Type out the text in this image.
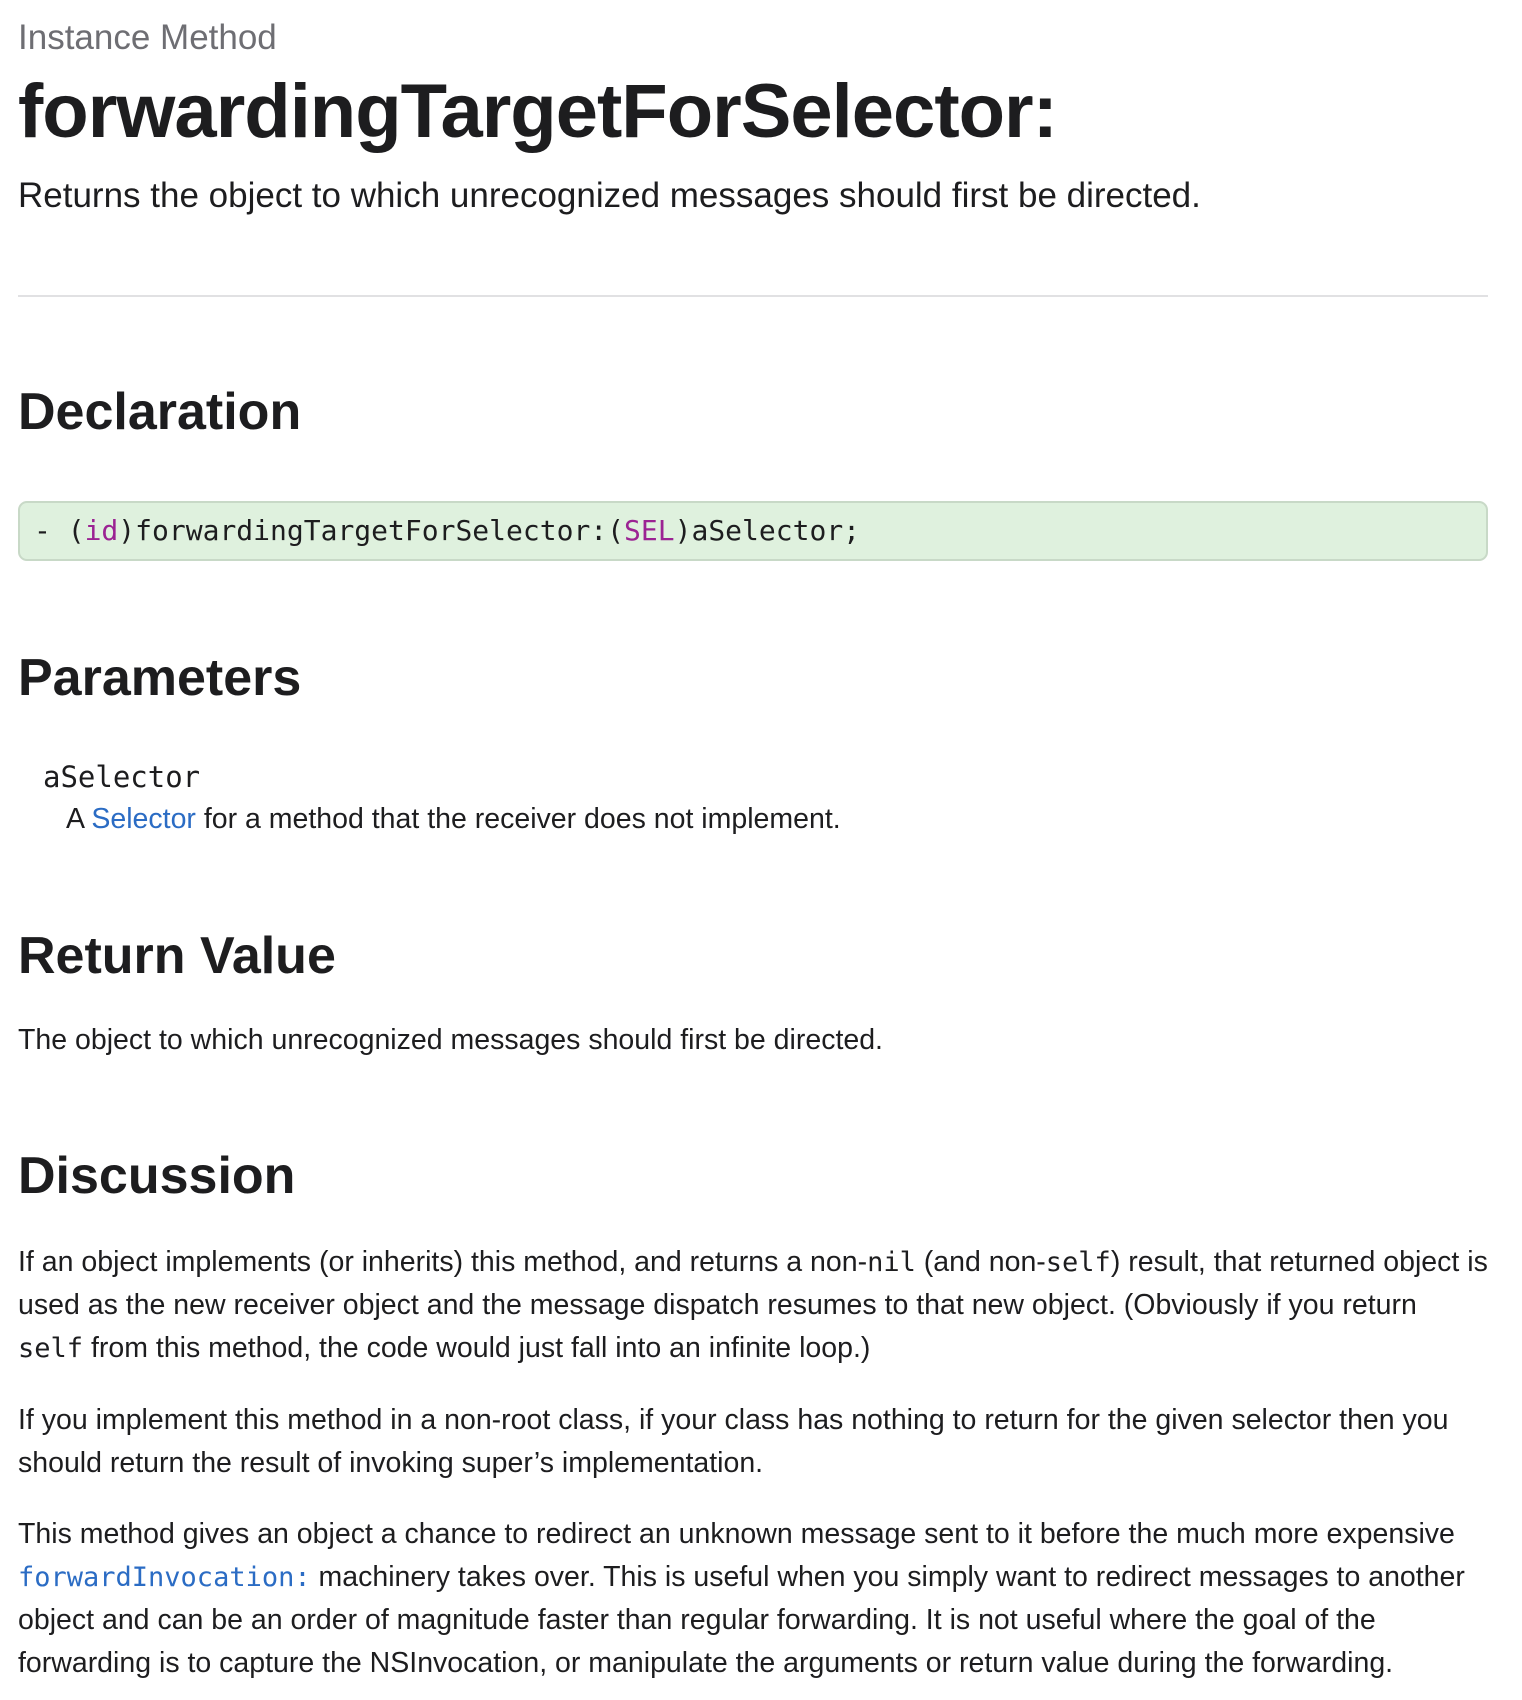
Instance Method
forwardingTargetForSelector:
Returns the object to which unrecognized messages should first be directed.
Declaration
- (id)forwardingTargetForSelector:(SEL)aSelector;
Parameters
aSelector
A Selector for a method that the receiver does not implement.
Return Value
The object to which unrecognized messages should first be directed.
Discussion
If an object implements (or inherits) this method, and returns a non-nil (and non-self) result, that returned object is used as the new receiver object and the message dispatch resumes to that new object. (Obviously if you return self from this method, the code would just fall into an infinite loop.)
If you implement this method in a non-root class, if your class has nothing to return for the given selector then you should return the result of invoking super’s implementation.
This method gives an object a chance to redirect an unknown message sent to it before the much more expensive forwardInvocation: machinery takes over. This is useful when you simply want to redirect messages to another object and can be an order of magnitude faster than regular forwarding. It is not useful where the goal of the forwarding is to capture the NSInvocation, or manipulate the arguments or return value during the forwarding.
